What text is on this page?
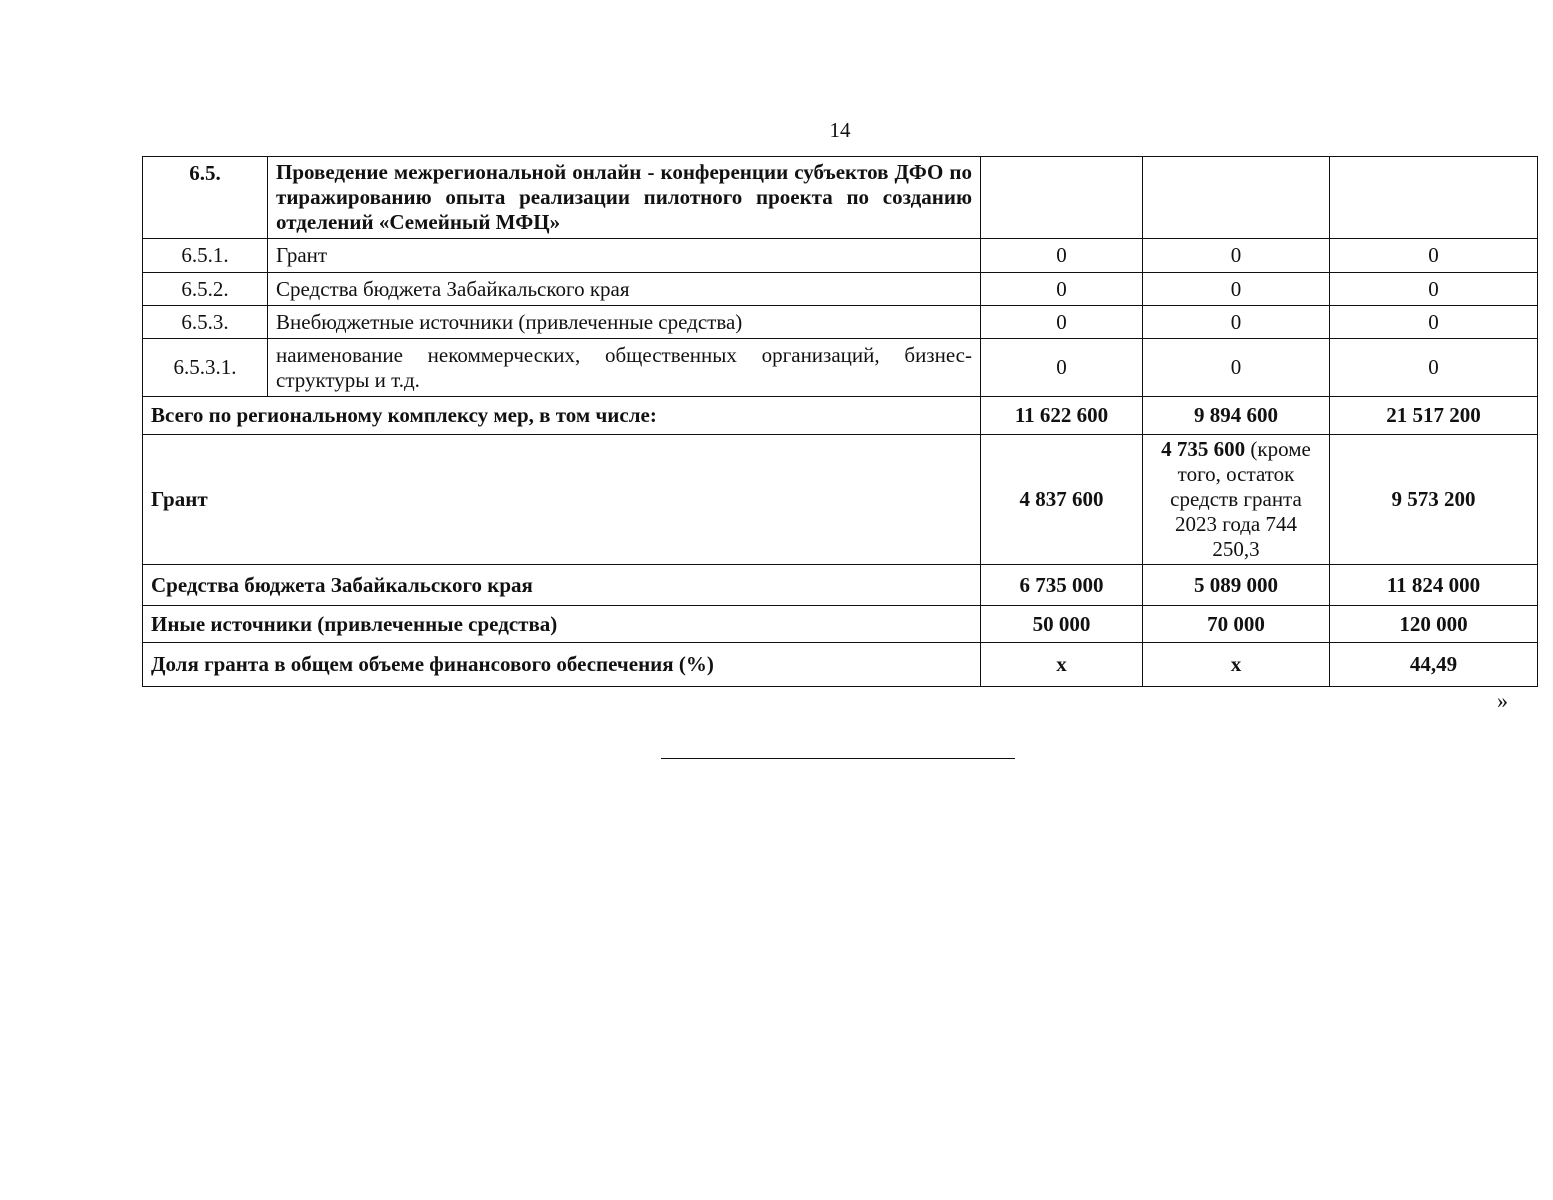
14
6.5.	Проведение межрегиональной онлайн - конференции субъектов ДФО по тиражированию опыта реализации пилотного проекта по созданию отделений «Семейный МФЦ»			
6.5.1.	Грант	0	0	0
6.5.2.	Средства бюджета Забайкальского края	0	0	0
6.5.3.	Внебюджетные источники (привлеченные средства)	0	0	0
6.5.3.1.	наименование некоммерческих, общественных организаций, бизнес-структуры и т.д.	0	0	0
Всего по региональному комплексу мер, в том числе:		11 622 600	9 894 600	21 517 200
Грант		4 837 600	4 735 600 (кроме того, остаток средств гранта 2023 года 744 250,3	9 573 200
Средства бюджета Забайкальского края		6 735 000	5 089 000	11 824 000
Иные источники (привлеченные средства)		50 000	70 000	120 000
Доля гранта в общем объеме финансового обеспечения (%)		x	x	44,49
»
